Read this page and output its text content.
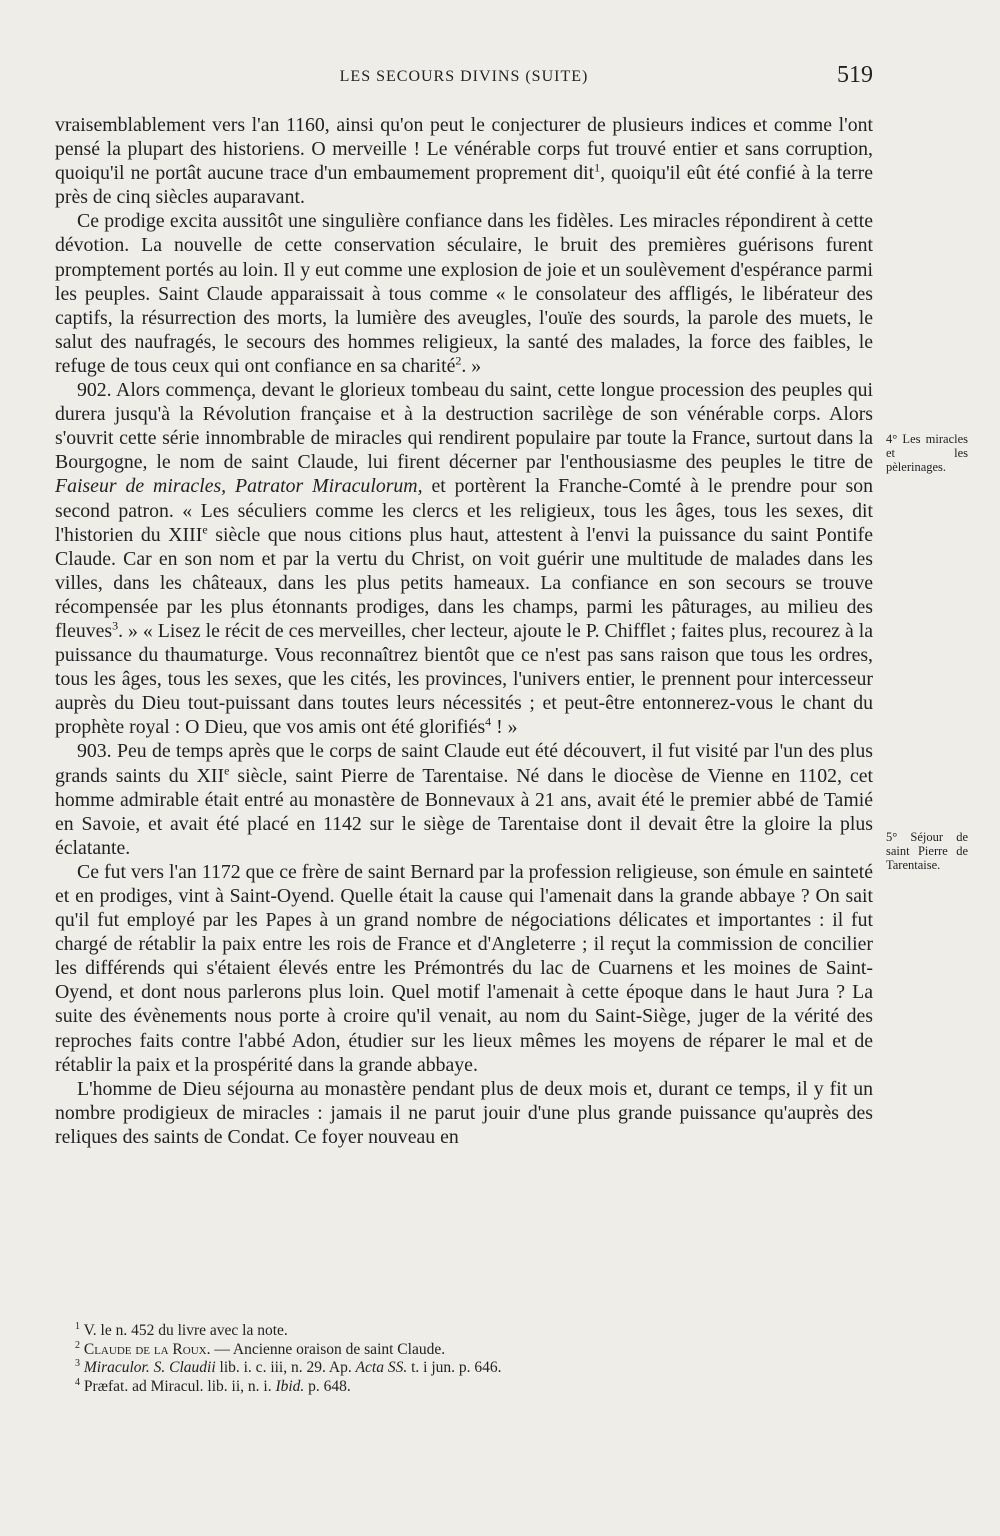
LES SECOURS DIVINS (SUITE)	519

vraisemblablement vers l'an 1160, ainsi qu'on peut le conjecturer de plusieurs indices et comme l'ont pensé la plupart des historiens. O merveille ! Le vénérable corps fut trouvé entier et sans corruption, quoiqu'il ne portât aucune trace d'un embaumement proprement dit$^1$, quoiqu'il eût été confié à la terre près de cinq siècles auparavant.

Ce prodige excita aussitôt une singulière confiance dans les fidèles. Les miracles répondirent à cette dévotion. La nouvelle de cette conservation séculaire, le bruit des premières guérisons furent promptement portés au loin. Il y eut comme une explosion de joie et un soulèvement d'espérance parmi les peuples. Saint Claude apparaissait à tous comme « le consolateur des affligés, le libérateur des captifs, la résurrection des morts, la lumière des aveugles, l'ouïe des sourds, la parole des muets, le salut des naufragés, le secours des hommes religieux, la santé des malades, la force des faibles, le refuge de tous ceux qui ont confiance en sa charité$^2$. »

902. Alors commença, devant le glorieux tombeau du saint, cette longue procession des peuples qui durera jusqu'à la Révolution française et à la destruction sacrilège de son vénérable corps. Alors s'ouvrit cette série innombrable de miracles qui rendirent populaire par toute la France, surtout dans la Bourgogne, le nom de saint Claude, lui firent décerner par l'enthousiasme des peuples le titre de Faiseur de miracles, Patrator Miraculorum, et portèrent la Franche-Comté à le prendre pour son second patron. « Les séculiers comme les clercs et les religieux, tous les âges, tous les sexes, dit l'historien du XIIIe siècle que nous citions plus haut, attestent à l'envi la puissance du saint Pontife Claude. Car en son nom et par la vertu du Christ, on voit guérir une multitude de malades dans les villes, dans les châteaux, dans les plus petits hameaux. La confiance en son secours se trouve récompensée par les plus étonnants prodiges, dans les champs, parmi les pâturages, au milieu des fleuves$^3$. » « Lisez le récit de ces merveilles, cher lecteur, ajoute le P. Chifflet ; faites plus, recourez à la puissance du thaumaturge. Vous reconnaîtrez bientôt que ce n'est pas sans raison que tous les ordres, tous les âges, tous les sexes, que les cités, les provinces, l'univers entier, le prennent pour intercesseur auprès du Dieu tout-puissant dans toutes leurs nécessités ; et peut-être entonnerez-vous le chant du prophète royal : O Dieu, que vos amis ont été glorifiés$^4$ ! »

903. Peu de temps après que le corps de saint Claude eut été découvert, il fut visité par l'un des plus grands saints du XIIe siècle, saint Pierre de Tarentaise. Né dans le diocèse de Vienne en 1102, cet homme admirable était entré au monastère de Bonnevaux à 21 ans, avait été le premier abbé de Tamié en Savoie, et avait été placé en 1142 sur le siège de Tarentaise dont il devait être la gloire la plus éclatante.

Ce fut vers l'an 1172 que ce frère de saint Bernard par la profession religieuse, son émule en sainteté et en prodiges, vint à Saint-Oyend. Quelle était la cause qui l'amenait dans la grande abbaye ? On sait qu'il fut employé par les Papes à un grand nombre de négociations délicates et importantes : il fut chargé de rétablir la paix entre les rois de France et d'Angleterre ; il reçut la commission de concilier les différends qui s'étaient élevés entre les Prémontrés du lac de Cuarnens et les moines de Saint-Oyend, et dont nous parlerons plus loin. Quel motif l'amenait à cette époque dans le haut Jura ? La suite des évènements nous porte à croire qu'il venait, au nom du Saint-Siège, juger de la vérité des reproches faits contre l'abbé Adon, étudier sur les lieux mêmes les moyens de réparer le mal et de rétablir la paix et la prospérité dans la grande abbaye.

L'homme de Dieu séjourna au monastère pendant plus de deux mois et, durant ce temps, il y fit un nombre prodigieux de miracles : jamais il ne parut jouir d'une plus grande puissance qu'auprès des reliques des saints de Condat. Ce foyer nouveau en

4° Les miracles et les pèlerinages.
5° Séjour de saint Pierre de Tarentaise.

$^1$ V. le n. 452 du livre avec la note.

$^2$ Claude de la Roux. — Ancienne oraison de saint Claude.

$^3$ Miraculor. S. Claudii lib. i. c. iii, n. 29. Ap. Acta SS. t. i jun. p. 646.

$^4$ Præfat. ad Miracul. lib. ii, n. i. Ibid. p. 648.
